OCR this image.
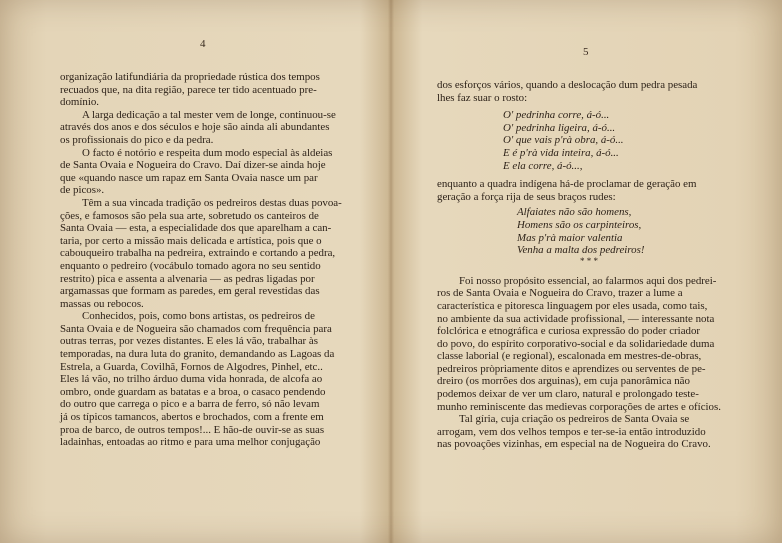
4
organização latifundiária da propriedade rústica dos tempos
recuados que, na dita região, parece ter tido acentuado pre-
domínio.
A larga dedicação a tal mester vem de longe, continuou-se
através dos anos e dos séculos e hoje são ainda ali abundantes
os profissionais do pico e da pedra.
O facto é notório e respeita dum modo especial às aldeias
de Santa Ovaia e Nogueira do Cravo. Daí dizer-se ainda hoje
que «quando nasce um rapaz em Santa Ovaia nasce um par
de picos».
Têm a sua vincada tradição os pedreiros destas duas povoa-
ções, e famosos são pela sua arte, sobretudo os canteiros de
Santa Ovaia — esta, a especialidade dos que aparelham a can-
taria, por certo a missão mais delicada e artística, pois que o
cabouqueiro trabalha na pedreira, extraindo e cortando a pedra,
enquanto o pedreiro (vocábulo tomado agora no seu sentido
restrito) pica e assenta a alvenaria — as pedras ligadas por
argamassas que formam as paredes, em geral revestidas das
massas ou rebocos.
Conhecidos, pois, como bons artistas, os pedreiros de
Santa Ovaia e de Nogueira são chamados com frequência para
outras terras, por vezes distantes. E eles lá vão, trabalhar às
temporadas, na dura luta do granito, demandando as Lagoas da
Estrela, a Guarda, Covilhã, Fornos de Algodres, Pinhel, etc..
Eles lá vão, no trilho árduo duma vida honrada, de alcofa ao
ombro, onde guardam as batatas e a broa, o casaco pendendo
do outro que carrega o pico e a barra de ferro, só não levam
já os típicos tamancos, abertos e brochados, com a frente em
proa de barco, de outros tempos!... E hão-de ouvir-se as suas
ladainhas, entoadas ao ritmo e para uma melhor conjugação
5
dos esforços vários, quando a deslocação dum pedra pesada
lhes faz suar o rosto:
O' pedrinha corre, á-ó...
O' pedrinha ligeira, á-ó...
O' que vais p'rà obra, á-ó...
E é p'rà vida inteira, á-ó...
E ela corre, á-ó...,
enquanto a quadra indígena há-de proclamar de geração em
geração a força rija de seus braços rudes:
Alfaiates não são homens,
Homens são os carpinteiros,
Mas p'rà maior valentia
Venha a malta dos pedreiros!
* * *
Foi nosso propósito essencial, ao falarmos aqui dos pedrei-
ros de Santa Ovaia e Nogueira do Cravo, trazer a lume a
característica e pitoresca linguagem por eles usada, como tais,
no ambiente da sua actividade profissional, — interessante nota
folclórica e etnográfica e curiosa expressão do poder criador
do povo, do espírito corporativo-social e da solidariedade duma
classe laborial (e regional), escalonada em mestres-de-obras,
pedreiros pròpriamente ditos e aprendizes ou serventes de pe-
dreiro (os morrões dos arguinas), em cuja panorâmica não
podemos deixar de ver um claro, natural e prolongado teste-
munho reminiscente das medievas corporações de artes e ofícios.
Tal gíria, cuja criação os pedreiros de Santa Ovaia se
arrogam, vem dos velhos tempos e ter-se-ia então introduzido
nas povoações vizinhas, em especial na de Nogueira do Cravo.
